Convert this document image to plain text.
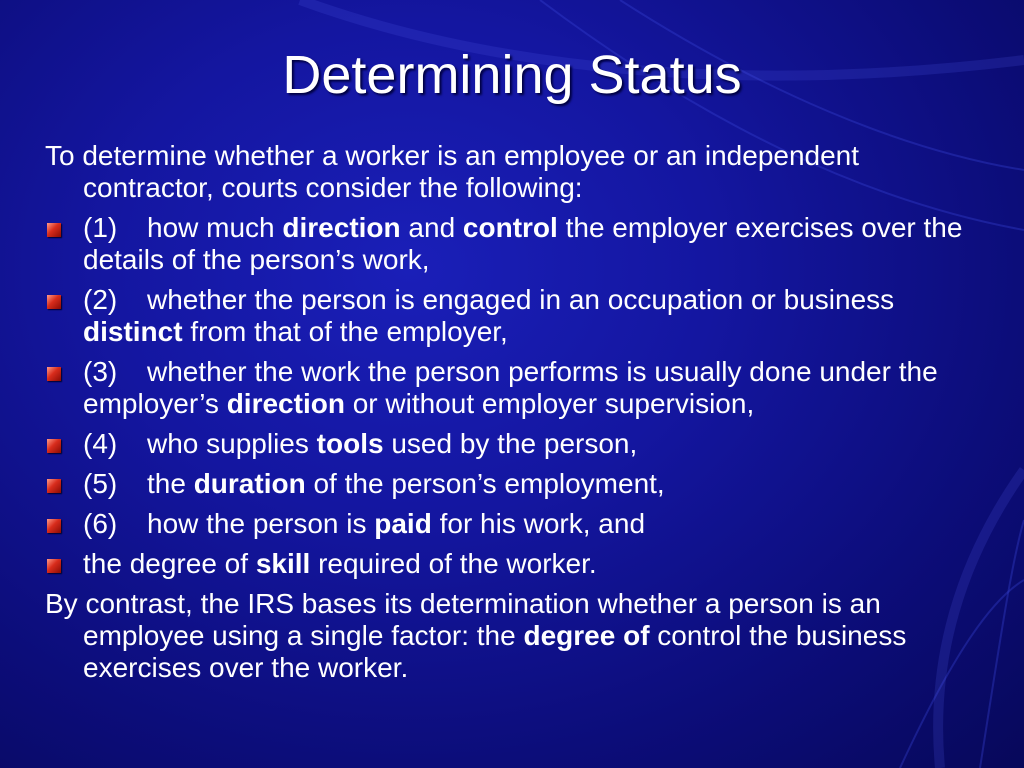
Determining Status

To determine whether a worker is an employee or an independent contractor, courts consider the following:

(1) how much direction and control the employer exercises over the details of the person’s work,
(2) whether the person is engaged in an occupation or business distinct from that of the employer,
(3) whether the work the person performs is usually done under the employer’s direction or without employer supervision,
(4) who supplies tools used by the person,
(5) the duration of the person’s employment,
(6) how the person is paid for his work, and
the degree of skill required of the worker.

By contrast, the IRS bases its determination whether a person is an employee using a single factor: the degree of control the business exercises over the worker.
